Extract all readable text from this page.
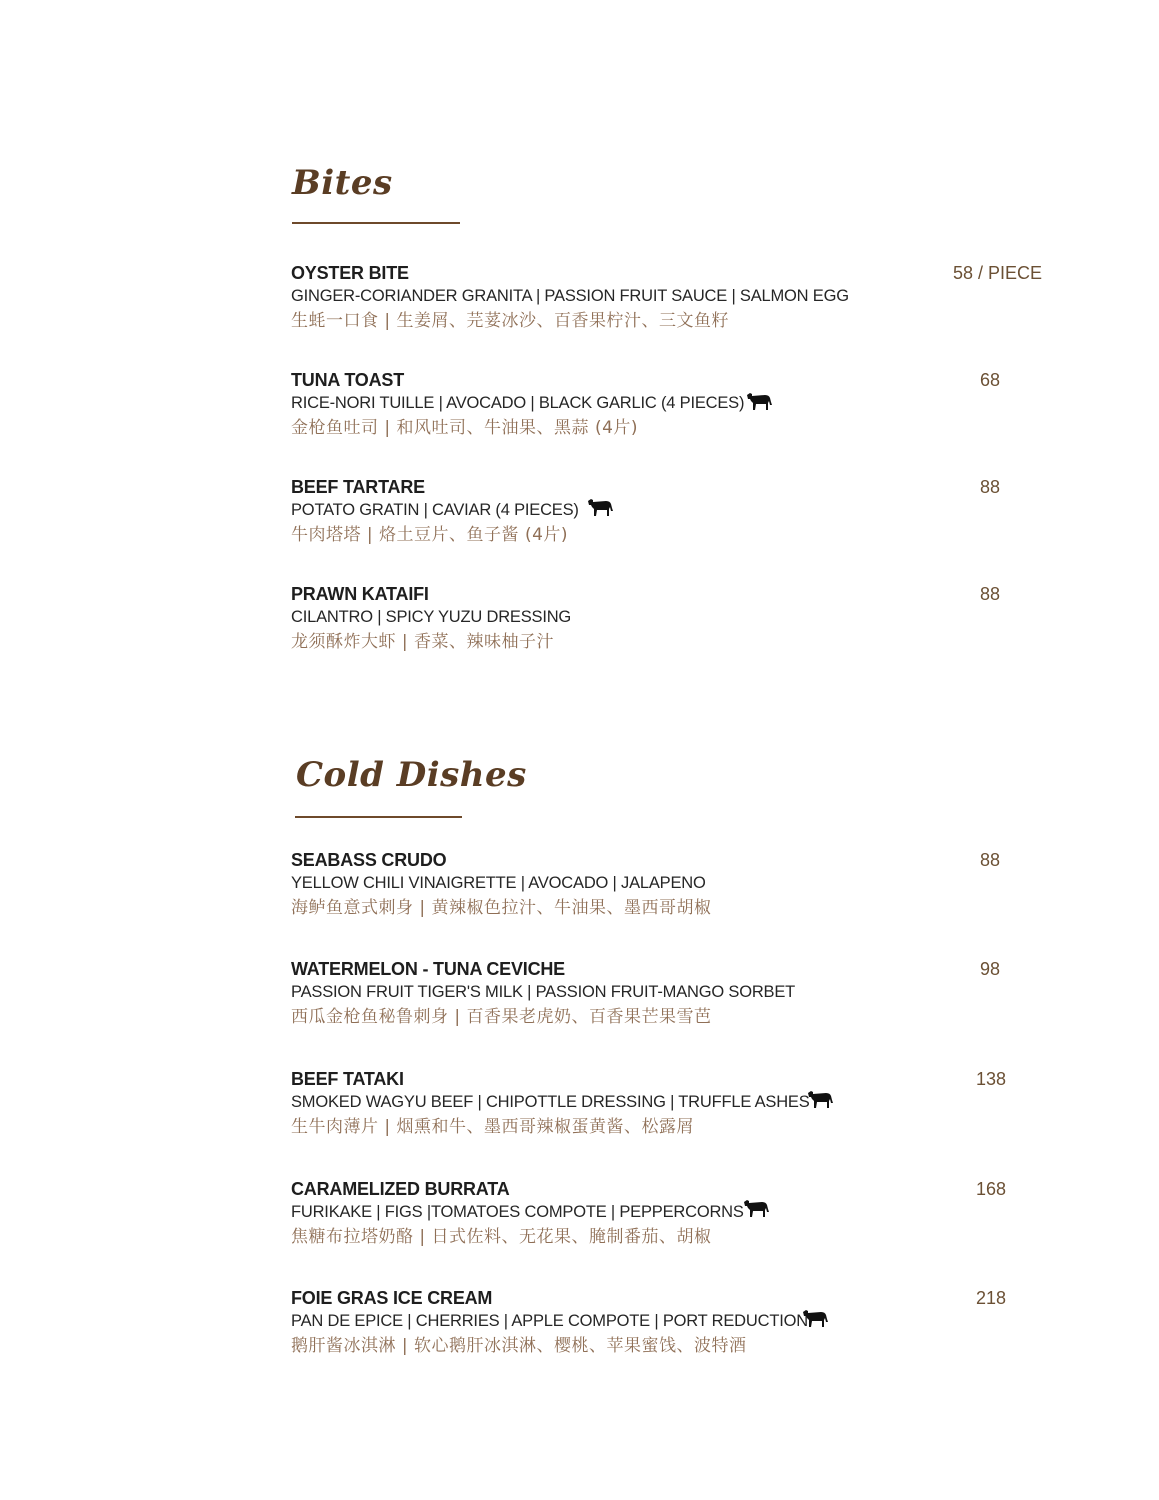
Bites
OYSTER BITE
GINGER-CORIANDER GRANITA | PASSION FRUIT SAUCE | SALMON EGG
生蚝一口食 | 生姜屑、芫荽冰沙、百香果柠汁、三文鱼籽
58 / PIECE
TUNA TOAST
RICE-NORI TUILLE | AVOCADO | BLACK GARLIC (4 PIECES)
金枪鱼吐司 | 和风吐司、牛油果、黑蒜 (4片)
68
BEEF TARTARE
POTATO GRATIN | CAVIAR (4 PIECES)
牛肉塔塔 | 烙土豆片、鱼子酱 (4片)
88
PRAWN KATAIFI
CILANTRO | SPICY YUZU DRESSING
龙须酥炸大虾 | 香菜、辣味柚子汁
88
Cold Dishes
SEABASS CRUDO
YELLOW CHILI VINAIGRETTE | AVOCADO | JALAPENO
海鲈鱼意式刺身 | 黄辣椒色拉汁、牛油果、墨西哥胡椒
88
WATERMELON - TUNA CEVICHE
PASSION FRUIT TIGER'S MILK | PASSION FRUIT-MANGO SORBET
西瓜金枪鱼秘鲁刺身 | 百香果老虎奶、百香果芒果雪芭
98
BEEF TATAKI
SMOKED WAGYU BEEF | CHIPOTTLE DRESSING | TRUFFLE ASHES
生牛肉薄片 | 烟熏和牛、墨西哥辣椒蛋黄酱、松露屑
138
CARAMELIZED BURRATA
FURIKAKE | FIGS |TOMATOES COMPOTE | PEPPERCORNS
焦糖布拉塔奶酪 | 日式佐料、无花果、腌制番茄、胡椒
168
FOIE GRAS ICE CREAM
PAN DE EPICE | CHERRIES | APPLE COMPOTE | PORT REDUCTION
鹅肝酱冰淇淋 | 软心鹅肝冰淇淋、樱桃、苹果蜜饯、波特酒
218
